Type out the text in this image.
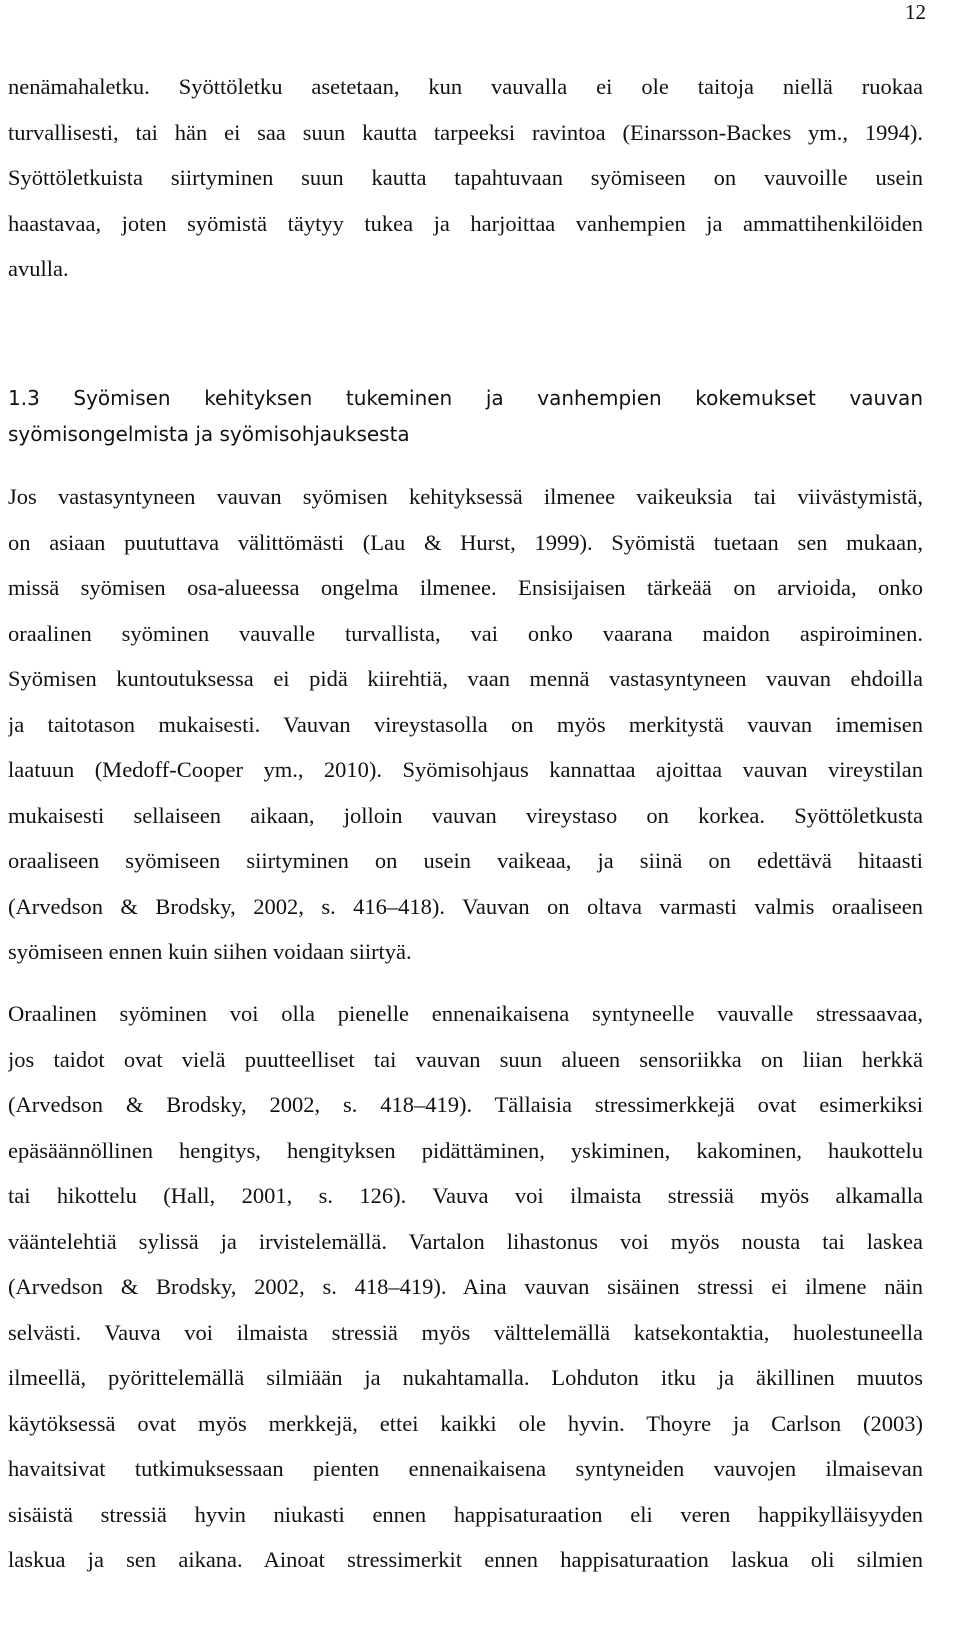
12
nenämahaletku. Syöttöletku asetetaan, kun vauvalla ei ole taitoja niellä ruokaa
turvallisesti, tai hän ei saa suun kautta tarpeeksi ravintoa (Einarsson-Backes ym., 1994).
Syöttöletkuista siirtyminen suun kautta tapahtuvaan syömiseen on vauvoille usein
haastavaa, joten syömistä täytyy tukea ja harjoittaa vanhempien ja ammattihenkilöiden
avulla.
1.3 Syömisen kehityksen tukeminen ja vanhempien kokemukset vauvan
syömisongelmista ja syömisohjauksesta
Jos vastasyntyneen vauvan syömisen kehityksessä ilmenee vaikeuksia tai viivästymistä,
on asiaan puututtava välittömästi (Lau & Hurst, 1999). Syömistä tuetaan sen mukaan,
missä syömisen osa-alueessa ongelma ilmenee. Ensisijaisen tärkeää on arvioida, onko
oraalinen syöminen vauvalle turvallista, vai onko vaarana maidon aspiroiminen.
Syömisen kuntoutuksessa ei pidä kiirehtiä, vaan mennä vastasyntyneen vauvan ehdoilla
ja taitotason mukaisesti. Vauvan vireystasolla on myös merkitystä vauvan imemisen
laatuun (Medoff-Cooper ym., 2010). Syömisohjaus kannattaa ajoittaa vauvan vireystilan
mukaisesti sellaiseen aikaan, jolloin vauvan vireystaso on korkea. Syöttöletkusta
oraaliseen syömiseen siirtyminen on usein vaikeaa, ja siinä on edettävä hitaasti
(Arvedson & Brodsky, 2002, s. 416–418). Vauvan on oltava varmasti valmis oraaliseen
syömiseen ennen kuin siihen voidaan siirtyä.
Oraalinen syöminen voi olla pienelle ennenaikaisena syntyneelle vauvalle stressaavaa,
jos taidot ovat vielä puutteelliset tai vauvan suun alueen sensoriikka on liian herkkä
(Arvedson & Brodsky, 2002, s. 418–419). Tällaisia stressimerkkejä ovat esimerkiksi
epäsäännöllinen hengitys, hengityksen pidättäminen, yskiminen, kakominen, haukottelu
tai hikottelu (Hall, 2001, s. 126). Vauva voi ilmaista stressiä myös alkamalla
vääntelehtiä sylissä ja irvistelemällä. Vartalon lihastonus voi myös nousta tai laskea
(Arvedson & Brodsky, 2002, s. 418–419). Aina vauvan sisäinen stressi ei ilmene näin
selvästi. Vauva voi ilmaista stressiä myös välttelemällä katsekontaktia, huolestuneella
ilmeellä, pyörittelemällä silmiään ja nukahtamalla. Lohduton itku ja äkillinen muutos
käytöksessä ovat myös merkkejä, ettei kaikki ole hyvin. Thoyre ja Carlson (2003)
havaitsivat tutkimuksessaan pienten ennenaikaisena syntyneiden vauvojen ilmaisevan
sisäistä stressiä hyvin niukasti ennen happisaturaation eli veren happikylläisyyden
laskua ja sen aikana. Ainoat stressimerkit ennen happisaturaation laskua oli silmien
